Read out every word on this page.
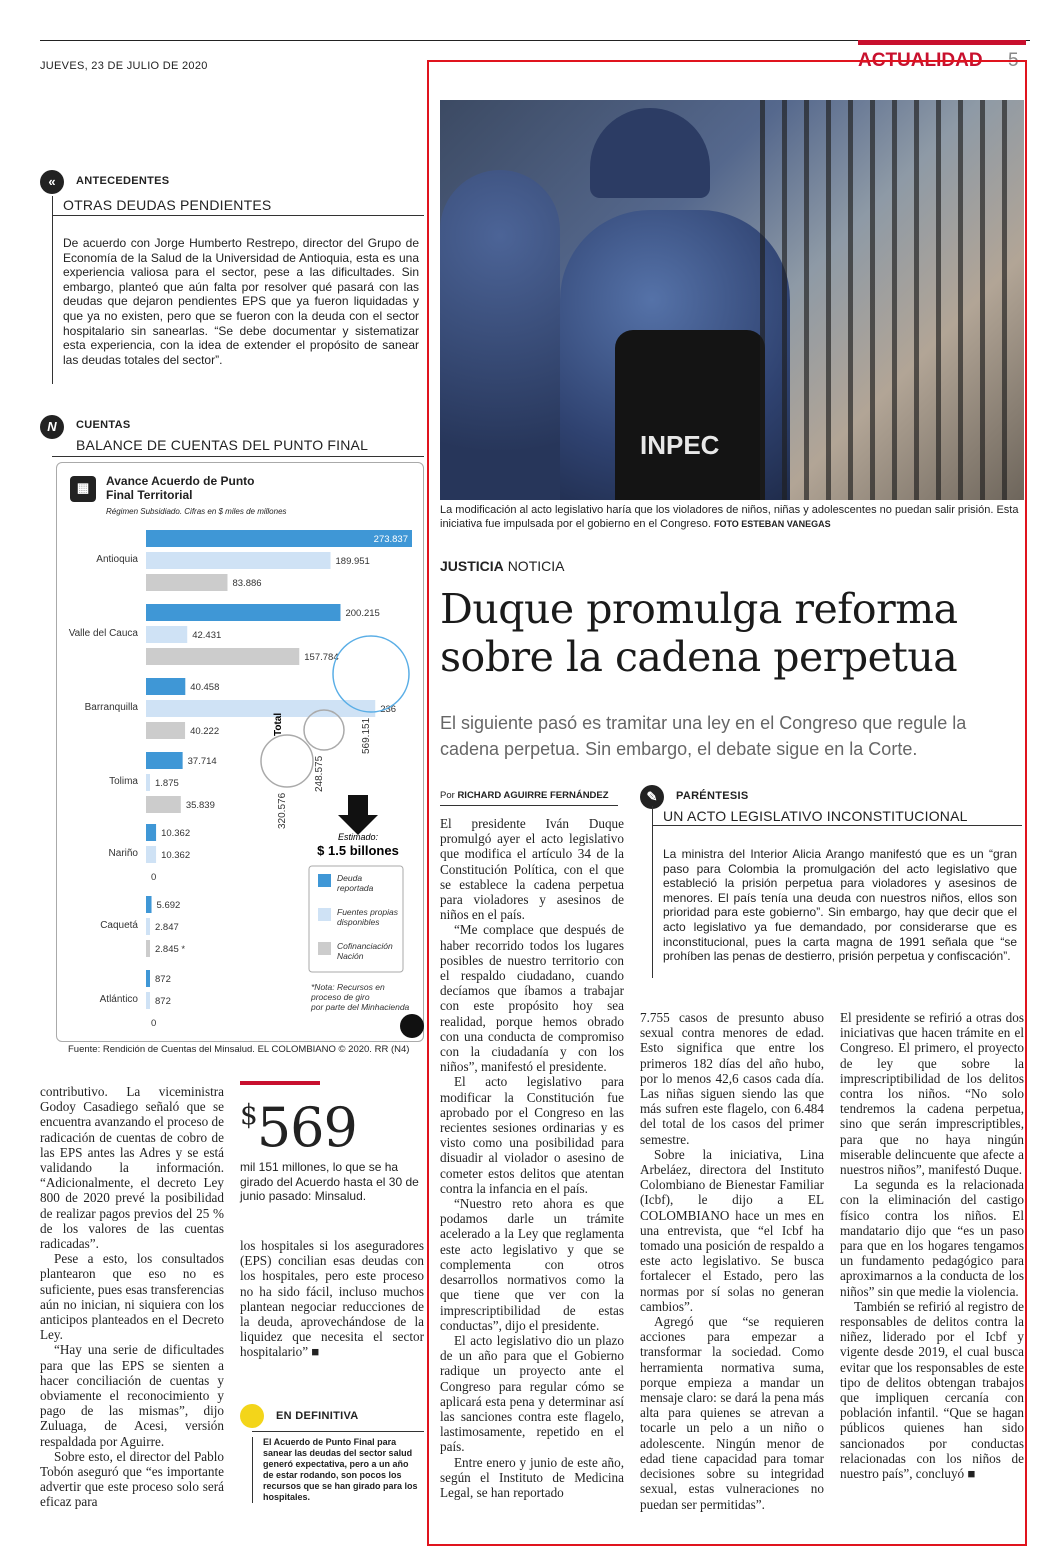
JUEVES, 23 DE JULIO DE 2020	ACTUALIDAD 5
«	ANTECEDENTES
OTRAS DEUDAS PENDIENTES
De acuerdo con Jorge Humberto Restrepo, director del Grupo de Economía de la Salud de la Universidad de Antioquia, esta es una experiencia valiosa para el sector, pese a las dificultades. Sin embargo, planteó que aún falta por resolver qué pasará con las deudas que dejaron pendientes EPS que ya fueron liquidadas y que ya no existen, pero que se fueron con la deuda con el sector hospitalario sin sanearlas. “Se debe documentar y sistematizar esta experiencia, con la idea de extender el propósito de sanear las deudas totales del sector”.
N	CUENTAS
BALANCE DE CUENTAS DEL PUNTO FINAL
▦	Avance Acuerdo de Punto Final Territorial
Régimen Subsidiado. Cifras en $ miles de millones
Antioquia
273.837
189.951
83.886
Valle del Cauca
200.215
42.431
157.784
Barranquilla
40.458
236
40.222
Tolima
37.714
1.875
35.839
Nariño
10.362
10.362
0
Caquetá
5.692
2.847
2.845 *
Atlántico
872
872
0
320.576
248.575
569.151
Total
Estimado:
$ 1.5 billones
Deuda
reportada
Fuentes propias
disponibles
Cofinanciación
Nación
*Nota: Recursos en
proceso de giro
por parte del Minhacienda
Fuente: Rendición de Cuentas del Minsalud. EL COLOMBIANO © 2020. RR (N4)

contributivo. La viceministra Godoy Casadiego señaló que se encuentra avanzando el proceso de radicación de cuentas de cobro de las EPS antes las Adres y se está validando la información. “Adicionalmente, el decreto Ley 800 de 2020 prevé la posibilidad de realizar pagos previos del 25 % de los valores de las cuentas radicadas”.

Pese a esto, los consultados plantearon que eso no es suficiente, pues esas transferencias aún no inician, ni siquiera con los anticipos planteados en el Decreto Ley.

“Hay una serie de dificultades para que las EPS se sienten a hacer conciliación de cuentas y obviamente el reconocimiento y pago de las mismas”, dijo Zuluaga, de Acesi, versión respaldada por Aguirre.

Sobre esto, el director del Pablo Tobón aseguró que “es importante advertir que este proceso solo será eficaz para

$569
mil 151 millones, lo que se ha girado del Acuerdo hasta el 30 de junio pasado: Minsalud.

los hospitales si los aseguradores (EPS) concilian esas deudas con los hospitales, pero este proceso no ha sido fácil, incluso muchos plantean negociar reducciones de la deuda, aprovechándose de la liquidez que necesita el sector hospitalario” ■

EN DEFINITIVA
El Acuerdo de Punto Final para sanear las deudas del sector salud generó expectativa, pero a un año de estar rodando, son pocos los recursos que se han girado para los hospitales.
INPEC
La modificación al acto legislativo haría que los violadores de niños, niñas y adolescentes no puedan salir prisión. Esta iniciativa fue impulsada por el gobierno en el Congreso. FOTO ESTEBAN VANEGAS
JUSTICIA NOTICIA
Duque promulga reforma sobre la cadena perpetua
El siguiente pasó es tramitar una ley en el Congreso que regule la cadena perpetua. Sin embargo, el debate sigue en la Corte.
Por RICHARD AGUIRRE FERNÁNDEZ

El presidente Iván Duque promulgó ayer el acto legislativo que modifica el artículo 34 de la Constitución Política, con el que se establece la cadena perpetua para violadores y asesinos de niños en el país.

“Me complace que después de haber recorrido todos los lugares posibles de nuestro territorio con el respaldo ciudadano, cuando decíamos que íbamos a trabajar con este propósito hoy sea realidad, porque hemos obrado con una conducta de compromiso con la ciudadanía y con los niños”, manifestó el presidente.

El acto legislativo para modificar la Constitución fue aprobado por el Congreso en las recientes sesiones ordinarias y es visto como una posibilidad para disuadir al violador o asesino de cometer estos delitos que atentan contra la infancia en el país.

“Nuestro reto ahora es que podamos darle un trámite acelerado a la Ley que reglamenta este acto legislativo y que se complementa con otros desarrollos normativos como la que tiene que ver con la imprescriptibilidad de estas conductas”, dijo el presidente.

El acto legislativo dio un plazo de un año para que el Gobierno radique un proyecto ante el Congreso para regular cómo se aplicará esta pena y determinar así las sanciones contra este flagelo, lastimosamente, repetido en el país.

Entre enero y junio de este año, según el Instituto de Medicina Legal, se han reportado

✎	PARÉNTESIS
UN ACTO LEGISLATIVO INCONSTITUCIONAL
La ministra del Interior Alicia Arango manifestó que es un “gran paso para Colombia la promulgación del acto legislativo que estableció la prisión perpetua para violadores y asesinos de menores. El país tenía una deuda con nuestros niños, ellos son prioridad para este gobierno”. Sin embargo, hay que decir que el acto legislativo ya fue demandado, por considerarse que es inconstitucional, pues la carta magna de 1991 señala que “se prohíben las penas de destierro, prisión perpetua y confiscación”.

7.755 casos de presunto abuso sexual contra menores de edad. Esto significa que entre los primeros 182 días del año hubo, por lo menos 42,6 casos cada día. Las niñas siguen siendo las que más sufren este flagelo, con 6.484 del total de los casos del primer semestre.

Sobre la iniciativa, Lina Arbeláez, directora del Instituto Colombiano de Bienestar Familiar (Icbf), le dijo a EL COLOMBIANO hace un mes en una entrevista, que “el Icbf ha tomado una posición de respaldo a este acto legislativo. Se busca fortalecer el Estado, pero las normas por sí solas no generan cambios”.

Agregó que “se requieren acciones para empezar a transformar la sociedad. Como herramienta normativa suma, porque empieza a mandar un mensaje claro: se dará la pena más alta para quienes se atrevan a tocarle un pelo a un niño o adolescente. Ningún menor de edad tiene capacidad para tomar decisiones sobre su integridad sexual, estas vulneraciones no puedan ser permitidas”.

El presidente se refirió a otras dos iniciativas que hacen trámite en el Congreso. El primero, el proyecto de ley que sobre la imprescriptibilidad de los delitos contra los niños. “No solo tendremos la cadena perpetua, sino que serán imprescriptibles, para que no haya ningún miserable delincuente que afecte a nuestros niños”, manifestó Duque.

La segunda es la relacionada con la eliminación del castigo físico contra los niños. El mandatario dijo que “es un paso para que en los hogares tengamos un fundamento pedagógico para aproximarnos a la conducta de los niños” sin que medie la violencia.

También se refirió al registro de responsables de delitos contra la niñez, liderado por el Icbf y vigente desde 2019, el cual busca evitar que los responsables de este tipo de delitos obtengan trabajos que impliquen cercanía con población infantil. “Que se hagan públicos quienes han sido sancionados por conductas relacionadas con los niños de nuestro país”, concluyó ■
